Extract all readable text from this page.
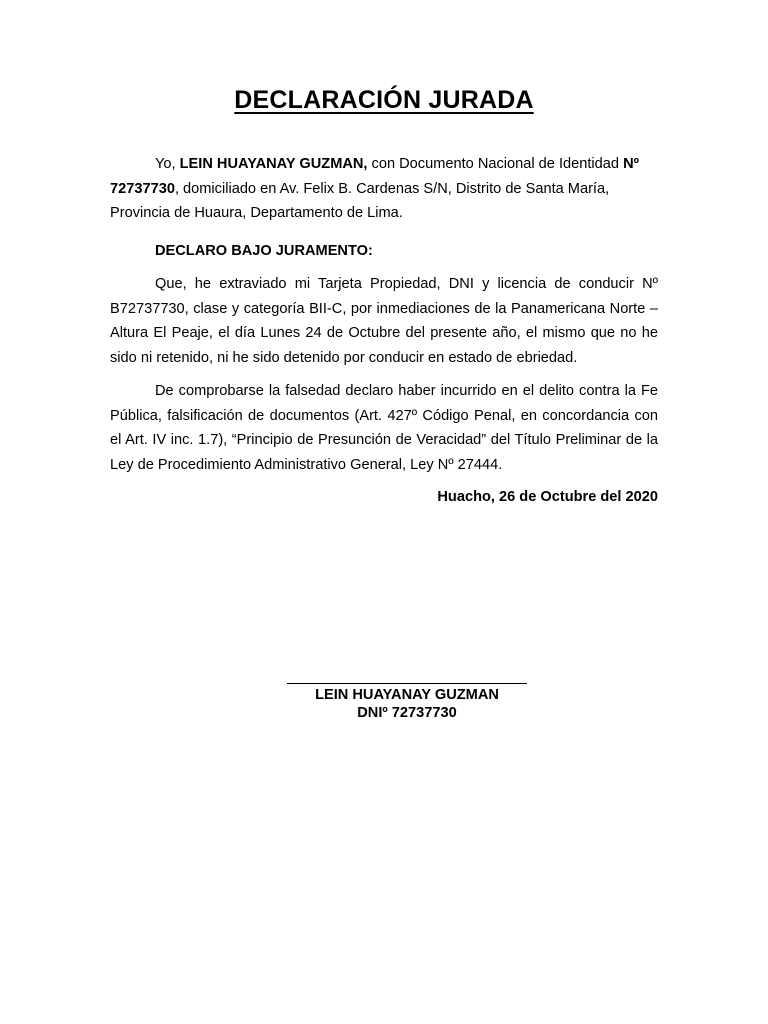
DECLARACIÓN JURADA

Yo, LEIN HUAYANAY GUZMAN, con Documento Nacional de Identidad Nº 72737730, domiciliado en Av. Felix B. Cardenas S/N, Distrito de Santa María, Provincia de Huaura, Departamento de Lima.

DECLARO BAJO JURAMENTO:

Que, he extraviado mi Tarjeta Propiedad, DNI y licencia de conducir Nº B72737730, clase y categoría BII-C, por inmediaciones de la Panamericana Norte – Altura El Peaje, el día Lunes 24 de Octubre del presente año, el mismo que no he sido ni retenido, ni he sido detenido por conducir en estado de ebriedad.

De comprobarse la falsedad declaro haber incurrido en el delito contra la Fe Pública, falsificación de documentos (Art. 427º Código Penal, en concordancia con el Art. IV inc. 1.7), “Principio de Presunción de Veracidad” del Título Preliminar de la Ley de Procedimiento Administrativo General, Ley Nº 27444.

Huacho, 26 de Octubre del 2020

LEIN HUAYANAY GUZMAN
DNIº 72737730
